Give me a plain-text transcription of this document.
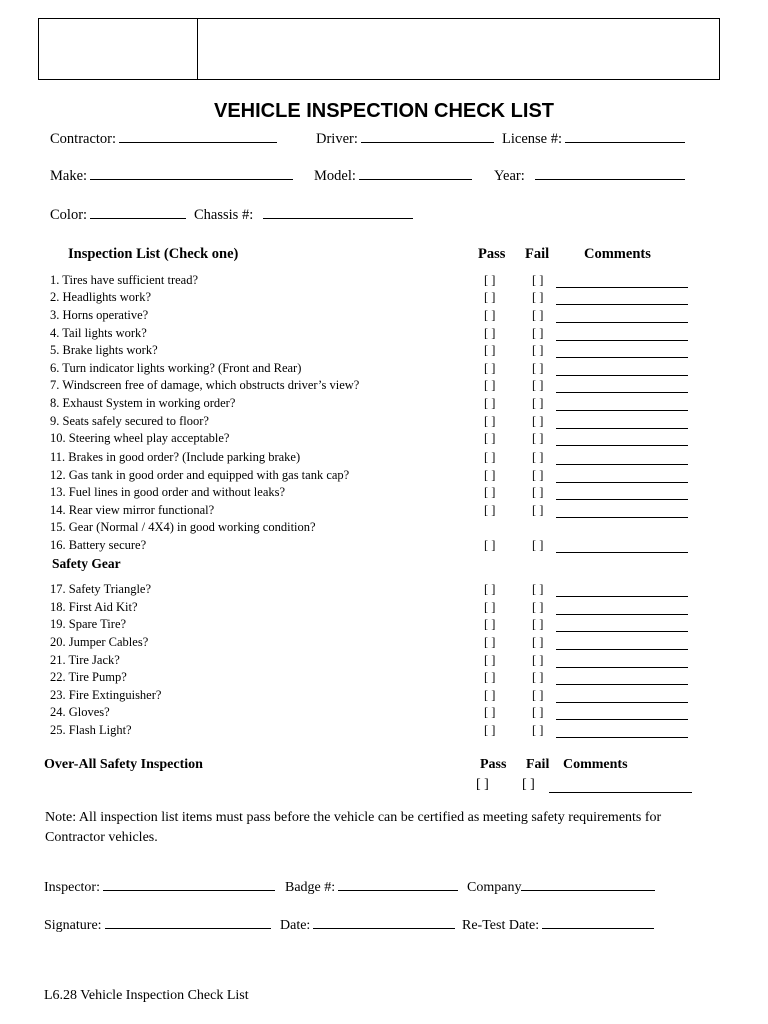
VEHICLE INSPECTION CHECK LIST
Contractor:	Driver:	License #:
Make:	Model:	Year:
Color:	Chassis #:
Inspection List (Check one)	Pass Fail Comments
1. Tires have sufficient tread?	[ ]	[ ]
2. Headlights work?	[ ]	[ ]
3. Horns operative?	[ ]	[ ]
4. Tail lights work?	[ ]	[ ]
5. Brake lights work?	[ ]	[ ]
6. Turn indicator lights working? (Front and Rear)	[ ]	[ ]
7. Windscreen free of damage, which obstructs driver’s view?	[ ]	[ ]
8. Exhaust System in working order?	[ ]	[ ]
9. Seats safely secured to floor?	[ ]	[ ]
10. Steering wheel play acceptable?	[ ]	[ ]
11. Brakes in good order? (Include parking brake)	[ ]	[ ]
12. Gas tank in good order and equipped with gas tank cap?	[ ]	[ ]
13. Fuel lines in good order and without leaks?	[ ]	[ ]
14. Rear view mirror functional?	[ ]	[ ]
15. Gear (Normal / 4X4) in good working condition?
16. Battery secure?	[ ]	[ ]
Safety Gear
17. Safety Triangle?	[ ]	[ ]
18. First Aid Kit?	[ ]	[ ]
19. Spare Tire?	[ ]	[ ]
20. Jumper Cables?	[ ]	[ ]
21. Tire Jack?	[ ]	[ ]
22. Tire Pump?	[ ]	[ ]
23. Fire Extinguisher?	[ ]	[ ]
24. Gloves?	[ ]	[ ]
25. Flash Light?	[ ]	[ ]
Over-All Safety Inspection	Pass Fail Comments
[ ] [ ]
Note: All inspection list items must pass before the vehicle can be certified as meeting safety requirements for
Contractor vehicles.
Inspector:	Badge #:	Company
Signature:	Date:	Re-Test Date:
L6.28 Vehicle Inspection Check List
